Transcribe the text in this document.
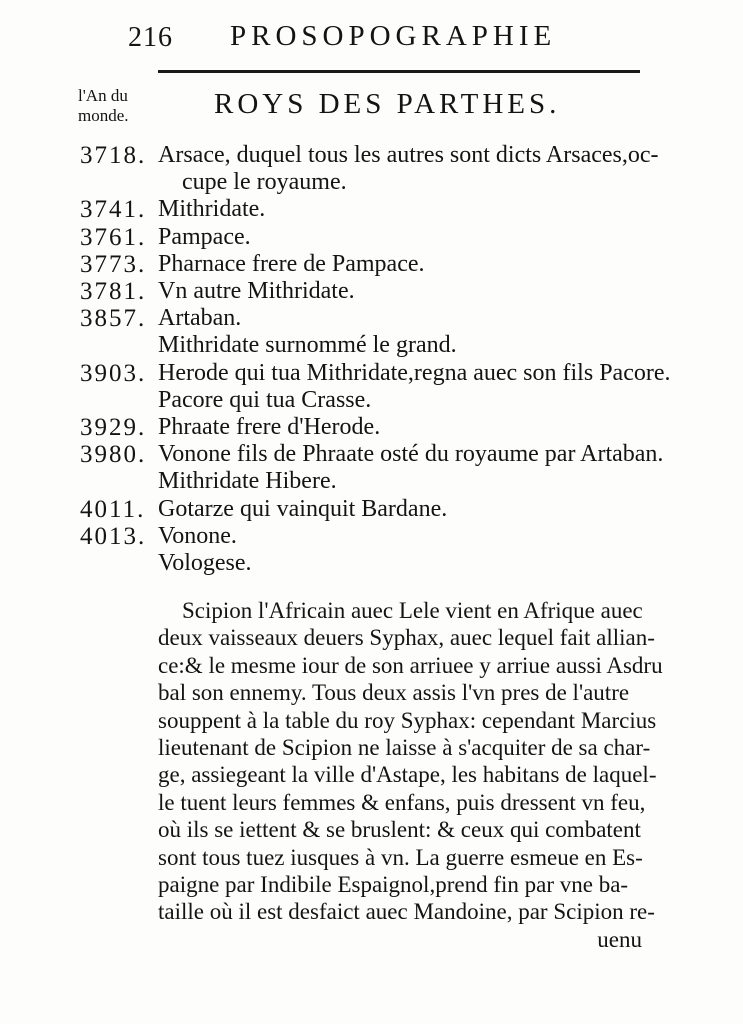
216 PROSOPOGRAPHIE
l'An du
monde.	ROYS DES PARTHES.
3718. Arsace, duquel tous les autres sont dicts Arsaces,oc-
cupe le royaume.
3741. Mithridate.
3761. Pampace.
3773. Pharnace frere de Pampace.
3781. Vn autre Mithridate.
3857. Artaban.
Mithridate surnommé le grand.
3903. Herode qui tua Mithridate,regna auec son fils Pacore.
Pacore qui tua Crasse.
3929. Phraate frere d'Herode.
3980. Vonone fils de Phraate osté du royaume par Artaban.
Mithridate Hibere.
4011. Gotarze qui vainquit Bardane.
4013. Vonone.
Vologese.
Scipion l'Africain auec Lele vient en Afrique auec
deux vaisseaux deuers Syphax, auec lequel fait allian-
ce:& le mesme iour de son arriuee y arriue aussi Asdru
bal son ennemy. Tous deux assis l'vn pres de l'autre
souppent à la table du roy Syphax: cependant Marcius
lieutenant de Scipion ne laisse à s'acquiter de sa char-
ge, assiegeant la ville d'Astape, les habitans de laquel-
le tuent leurs femmes & enfans, puis dressent vn feu,
où ils se iettent & se bruslent: & ceux qui combatent
sont tous tuez iusques à vn. La guerre esmeue en Es-
paigne par Indibile Espaignol,prend fin par vne ba-
taille où il est desfaict auec Mandoine, par Scipion re-
uenu
